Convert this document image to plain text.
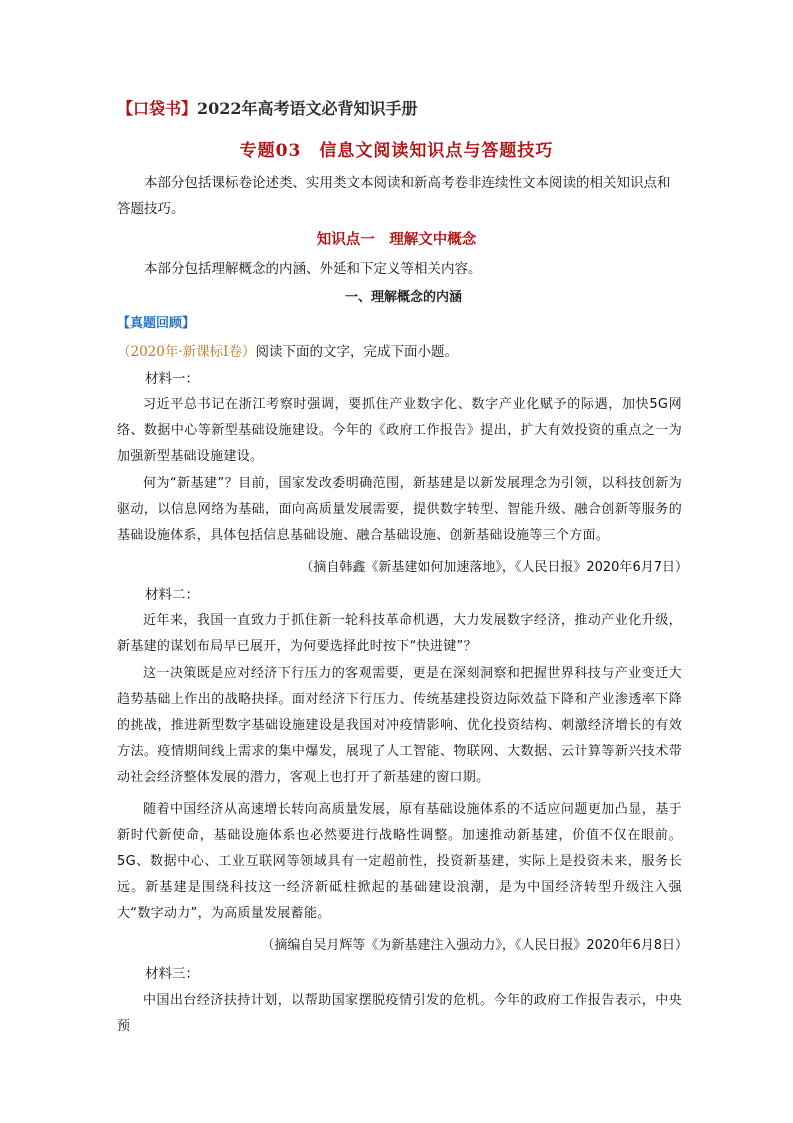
【口袋书】2022年高考语文必背知识手册
专题03　信息文阅读知识点与答题技巧
本部分包括课标卷论述类、实用类文本阅读和新高考卷非连续性文本阅读的相关知识点和答题技巧。
知识点一　理解文中概念
本部分包括理解概念的内涵、外延和下定义等相关内容。
一、理解概念的内涵
【真题回顾】
（2020年·新课标Ⅰ卷）阅读下面的文字，完成下面小题。
材料一：
习近平总书记在浙江考察时强调，要抓住产业数字化、数字产业化赋予的际遇，加快5G网络、数据中心等新型基础设施建设。今年的《政府工作报告》提出，扩大有效投资的重点之一为加强新型基础设施建设。
何为“新基建”？目前，国家发改委明确范围，新基建是以新发展理念为引领，以科技创新为驱动，以信息网络为基础，面向高质量发展需要，提供数字转型、智能升级、融合创新等服务的基础设施体系，具体包括信息基础设施、融合基础设施、创新基础设施等三个方面。
（摘自韩鑫《新基建如何加速落地》，《人民日报》2020年6月7日）
材料二：
近年来，我国一直致力于抓住新一轮科技革命机遇，大力发展数字经济，推动产业化升级，新基建的谋划布局早已展开，为何要选择此时按下“快进键”？
这一决策既是应对经济下行压力的客观需要，更是在深刻洞察和把握世界科技与产业变迁大趋势基础上作出的战略抉择。面对经济下行压力、传统基建投资边际效益下降和产业渗透率下降的挑战，推进新型数字基础设施建设是我国对冲疫情影响、优化投资结构、刺激经济增长的有效方法。疫情期间线上需求的集中爆发，展现了人工智能、物联网、大数据、云计算等新兴技术带动社会经济整体发展的潜力，客观上也打开了新基建的窗口期。
随着中国经济从高速增长转向高质量发展，原有基础设施体系的不适应问题更加凸显，基于新时代新使命，基础设施体系也必然要进行战略性调整。加速推动新基建，价值不仅在眼前。5G、数据中心、工业互联网等领域具有一定超前性，投资新基建，实际上是投资未来，服务长远。新基建是围绕科技这一经济新砥柱掀起的基础建设浪潮，是为中国经济转型升级注入强大“数字动力”，为高质量发展蓄能。
（摘编自吴月辉等《为新基建注入强动力》，《人民日报》2020年6月8日）
材料三：
中国出台经济扶持计划，以帮助国家摆脱疫情引发的危机。今年的政府工作报告表示，中央预
